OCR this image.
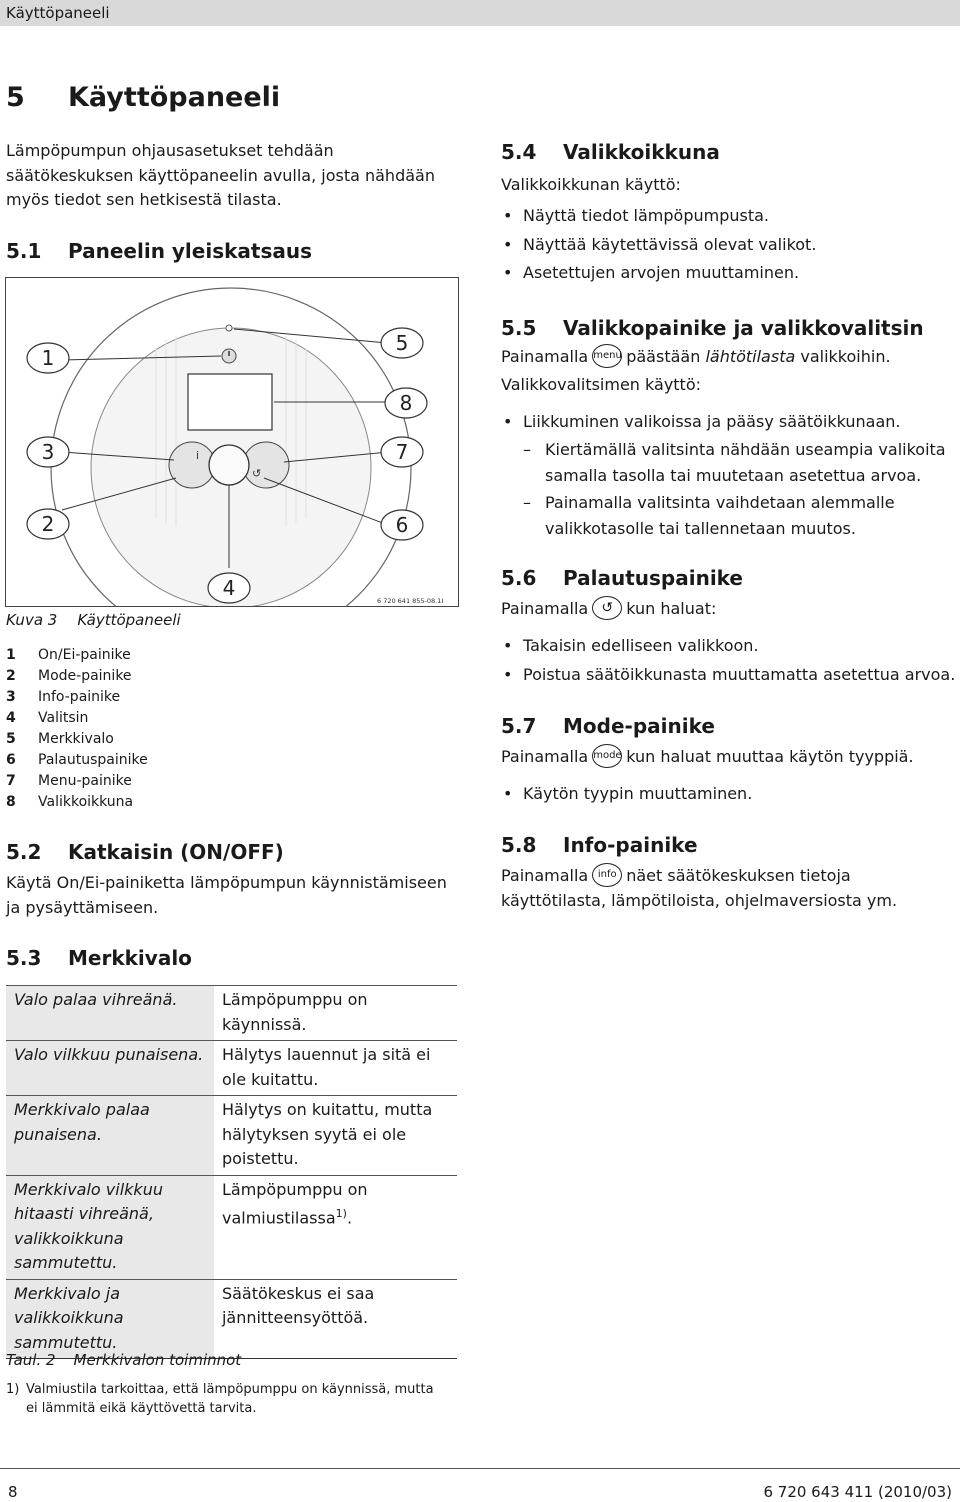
Käyttöpaneeli
5 Käyttöpaneeli
Lämpöpumpun ohjausasetukset tehdään säätökeskuksen käyttöpaneelin avulla, josta nähdään myös tiedot sen hetkisestä tilasta.
5.1 Paneelin yleiskatsaus
i
↺
1
2
3
4
5
6
7
8
6 720 641 855-08.1I
Kuva 3 Käyttöpaneeli
1 On/Ei-painike
2 Mode-painike
3 Info-painike
4 Valitsin
5 Merkkivalo
6 Palautuspainike
7 Menu-painike
8 Valikkoikkuna
5.2 Katkaisin (ON/OFF)
Käytä On/Ei-painiketta lämpöpumpun käynnistämiseen ja pysäyttämiseen.
5.3 Merkkivalo
Valo palaa vihreänä.	Lämpöpumppu on käynnissä.
Valo vilkkuu punaisena.	Hälytys lauennut ja sitä ei ole kuitattu.
Merkkivalo palaa punaisena.	Hälytys on kuitattu, mutta hälytyksen syytä ei ole poistettu.
Merkkivalo vilkkuu hitaasti vihreänä, valikkoikkuna sammutettu.	Lämpöpumppu on valmiustilassa$^{1)}$.
Merkkivalo ja valikkoikkuna sammutettu.	Säätökeskus ei saa jännitteensyöttöä.
Taul. 2 Merkkivalon toiminnot
1) Valmiustila tarkoittaa, että lämpöpumppu on käynnissä, mutta ei lämmitä eikä käyttövettä tarvita.
5.4 Valikkoikkuna
Valikkoikkunan käyttö:
• Näyttä tiedot lämpöpumpusta.
• Näyttää käytettävissä olevat valikot.
• Asetettujen arvojen muuttaminen.
5.5 Valikkopainike ja valikkovalitsin
Painamalla menu päästään lähtötilasta valikkoihin.
Valikkovalitsimen käyttö:
• Liikkuminen valikoissa ja pääsy säätöikkunaan.
– Kiertämällä valitsinta nähdään useampia valikoita samalla tasolla tai muutetaan asetettua arvoa.
– Painamalla valitsinta vaihdetaan alemmalle valikkotasolle tai tallennetaan muutos.
5.6 Palautuspainike
Painamalla ↺ kun haluat:
• Takaisin edelliseen valikkoon.
• Poistua säätöikkunasta muuttamatta asetettua arvoa.
5.7 Mode-painike
Painamalla mode kun haluat muuttaa käytön tyyppiä.
• Käytön tyypin muuttaminen.
5.8 Info-painike
Painamalla info näet säätökeskuksen tietoja käyttötilasta, lämpötiloista, ohjelmaversiosta ym.
8	6 720 643 411 (2010/03)
